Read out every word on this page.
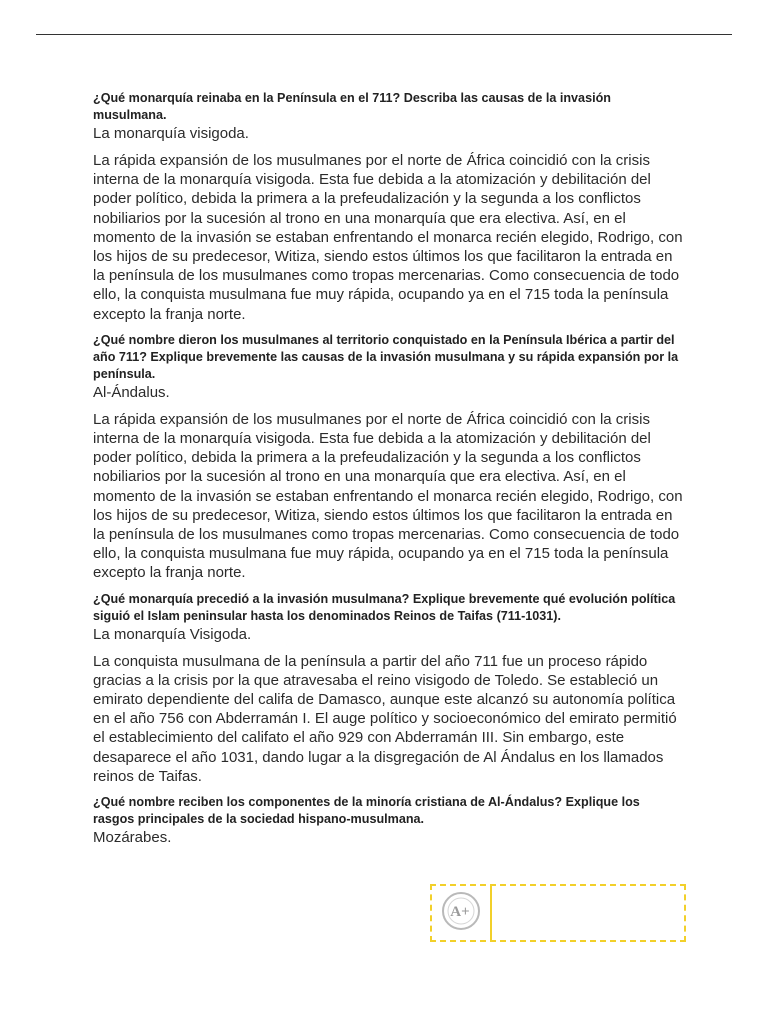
¿Qué monarquía reinaba en la Península en el 711? Describa las causas de la invasión musulmana.

La monarquía visigoda.

La rápida expansión de los musulmanes por el norte de África coincidió con la crisis interna de la monarquía visigoda. Esta fue debida a la atomización y debilitación del poder político, debida la primera a la prefeudalización y la segunda a los conflictos nobiliarios por la sucesión al trono en una monarquía que era electiva. Así, en el momento de la invasión se estaban enfrentando el monarca recién elegido, Rodrigo, con los hijos de su predecesor, Witiza, siendo estos últimos los que facilitaron la entrada en la península de los musulmanes como tropas mercenarias. Como consecuencia de todo ello, la conquista musulmana fue muy rápida, ocupando ya en el 715 toda la península excepto la franja norte.

¿Qué nombre dieron los musulmanes al territorio conquistado en la Península Ibérica a partir del año 711? Explique brevemente las causas de la invasión musulmana y su rápida expansión por la península.

Al-Ándalus.

La rápida expansión de los musulmanes por el norte de África coincidió con la crisis interna de la monarquía visigoda. Esta fue debida a la atomización y debilitación del poder político, debida la primera a la prefeudalización y la segunda a los conflictos nobiliarios por la sucesión al trono en una monarquía que era electiva. Así, en el momento de la invasión se estaban enfrentando el monarca recién elegido, Rodrigo, con los hijos de su predecesor, Witiza, siendo estos últimos los que facilitaron la entrada en la península de los musulmanes como tropas mercenarias. Como consecuencia de todo ello, la conquista musulmana fue muy rápida, ocupando ya en el 715 toda la península excepto la franja norte.

¿Qué monarquía precedió a la invasión musulmana? Explique brevemente qué evolución política siguió el Islam peninsular hasta los denominados Reinos de Taifas (711-1031).

La monarquía Visigoda.

La conquista musulmana de la península a partir del año 711 fue un proceso rápido gracias a la crisis por la que atravesaba el reino visigodo de Toledo. Se estableció un emirato dependiente del califa de Damasco, aunque este alcanzó su autonomía política en el año 756 con Abderramán I. El auge político y socioeconómico del emirato permitió el establecimiento del califato el año 929 con Abderramán III. Sin embargo, este desaparece el año 1031, dando lugar a la disgregación de Al Ándalus en los llamados reinos de Taifas.

¿Qué nombre reciben los componentes de la minoría cristiana de Al-Ándalus? Explique los rasgos principales de la sociedad hispano-musulmana.

Mozárabes.

A+
